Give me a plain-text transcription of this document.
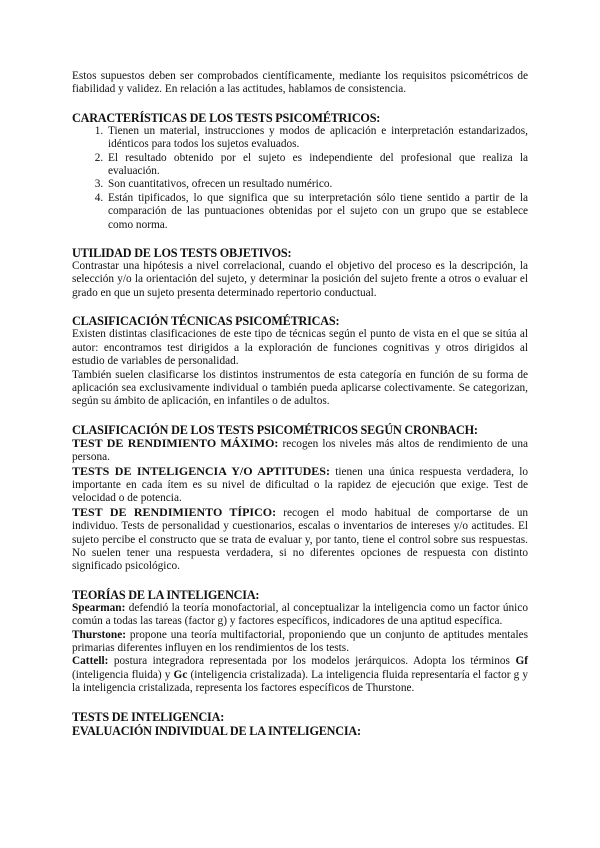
Estos supuestos deben ser comprobados científicamente, mediante los requisitos psicométricos de fiabilidad y validez. En relación a las actitudes, hablamos de consistencia.

CARACTERÍSTICAS DE LOS TESTS PSICOMÉTRICOS:
1. Tienen un material, instrucciones y modos de aplicación e interpretación estandarizados, idénticos para todos los sujetos evaluados.
2. El resultado obtenido por el sujeto es independiente del profesional que realiza la evaluación.
3. Son cuantitativos, ofrecen un resultado numérico.
4. Están tipificados, lo que significa que su interpretación sólo tiene sentido a partir de la comparación de las puntuaciones obtenidas por el sujeto con un grupo que se establece como norma.
UTILIDAD DE LOS TESTS OBJETIVOS:

Contrastar una hipótesis a nivel correlacional, cuando el objetivo del proceso es la descripción, la selección y/o la orientación del sujeto, y determinar la posición del sujeto frente a otros o evaluar el grado en que un sujeto presenta determinado repertorio conductual.

CLASIFICACIÓN TÉCNICAS PSICOMÉTRICAS:

Existen distintas clasificaciones de este tipo de técnicas según el punto de vista en el que se sitúa al autor: encontramos test dirigidos a la exploración de funciones cognitivas y otros dirigidos al estudio de variables de personalidad.

También suelen clasificarse los distintos instrumentos de esta categoría en función de su forma de aplicación sea exclusivamente individual o también pueda aplicarse colectivamente. Se categorizan, según su ámbito de aplicación, en infantiles o de adultos.

CLASIFICACIÓN DE LOS TESTS PSICOMÉTRICOS SEGÚN CRONBACH:

TEST DE RENDIMIENTO MÁXIMO: recogen los niveles más altos de rendimiento de una persona.

TESTS DE INTELIGENCIA Y/O APTITUDES: tienen una única respuesta verdadera, lo importante en cada ítem es su nivel de dificultad o la rapidez de ejecución que exige. Test de velocidad o de potencia.

TEST DE RENDIMIENTO TÍPICO: recogen el modo habitual de comportarse de un individuo. Tests de personalidad y cuestionarios, escalas o inventarios de intereses y/o actitudes. El sujeto percibe el constructo que se trata de evaluar y, por tanto, tiene el control sobre sus respuestas. No suelen tener una respuesta verdadera, si no diferentes opciones de respuesta con distinto significado psicológico.

TEORÍAS DE LA INTELIGENCIA:

Spearman: defendió la teoría monofactorial, al conceptualizar la inteligencia como un factor único común a todas las tareas (factor g) y factores específicos, indicadores de una aptitud específica.

Thurstone: propone una teoría multifactorial, proponiendo que un conjunto de aptitudes mentales primarias diferentes influyen en los rendimientos de los tests.

Cattell: postura integradora representada por los modelos jerárquicos. Adopta los términos Gf (inteligencia fluida) y Gc (inteligencia cristalizada). La inteligencia fluida representaría el factor g y la inteligencia cristalizada, representa los factores específicos de Thurstone.

TESTS DE INTELIGENCIA:
EVALUACIÓN INDIVIDUAL DE LA INTELIGENCIA:
